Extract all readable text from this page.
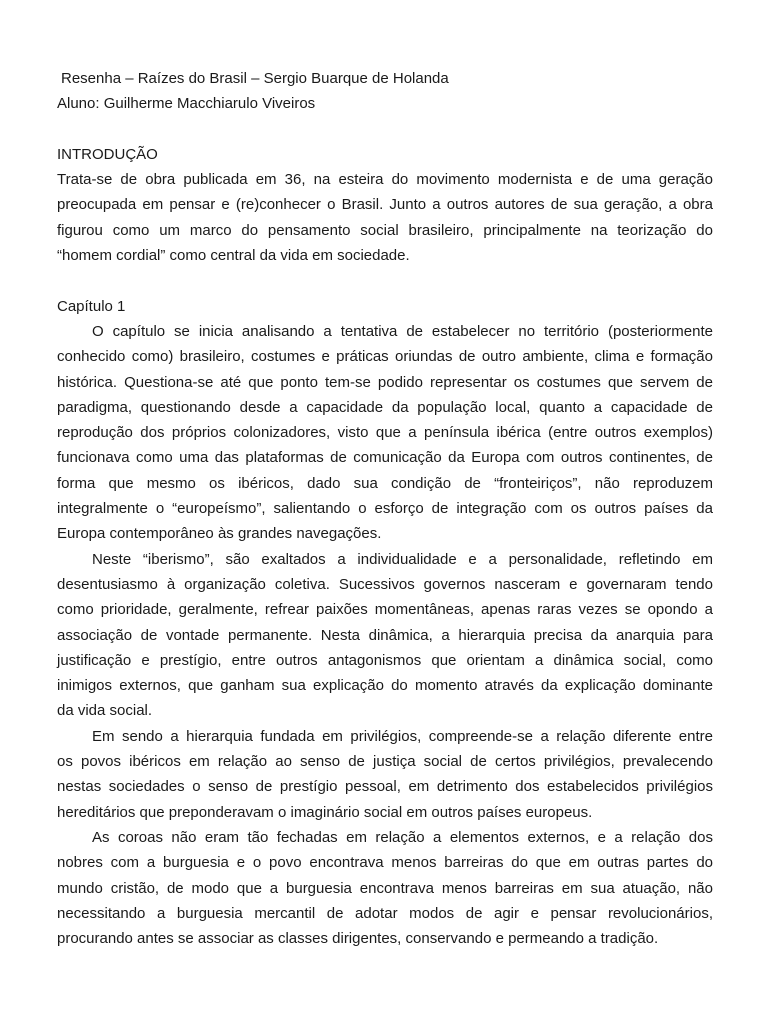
Resenha – Raízes do Brasil – Sergio Buarque de Holanda
Aluno: Guilherme Macchiarulo Viveiros
INTRODUÇÃO
Trata-se de obra publicada em 36, na esteira do movimento modernista e de uma geração
preocupada em pensar e (re)conhecer o Brasil. Junto a outros autores de sua geração, a obra
figurou como um marco do pensamento social brasileiro, principalmente na teorização do
“homem cordial” como central da vida em sociedade.
Capítulo 1
O capítulo se inicia analisando a tentativa de estabelecer no território (posteriormente
conhecido como) brasileiro, costumes e práticas oriundas de outro ambiente, clima e formação
histórica. Questiona-se até que ponto tem-se podido representar os costumes que servem de
paradigma, questionando desde a capacidade da população local, quanto a capacidade de
reprodução dos próprios colonizadores, visto que a península ibérica (entre outros exemplos)
funcionava como uma das plataformas de comunicação da Europa com outros continentes, de
forma que mesmo os ibéricos, dado sua condição de “fronteiriços”, não reproduzem
integralmente o “europeísmo”, salientando o esforço de integração com os outros países da
Europa contemporâneo às grandes navegações.
Neste “iberismo”, são exaltados a individualidade e a personalidade, refletindo em
desentusiasmo à organização coletiva. Sucessivos governos nasceram e governaram tendo
como prioridade, geralmente, refrear paixões momentâneas, apenas raras vezes se opondo a
associação de vontade permanente. Nesta dinâmica, a hierarquia precisa da anarquia para
justificação e prestígio, entre outros antagonismos que orientam a dinâmica social, como
inimigos externos, que ganham sua explicação do momento através da explicação dominante
da vida social.
Em sendo a hierarquia fundada em privilégios, compreende-se a relação diferente entre
os povos ibéricos em relação ao senso de justiça social de certos privilégios, prevalecendo
nestas sociedades o senso de prestígio pessoal, em detrimento dos estabelecidos privilégios
hereditários que preponderavam o imaginário social em outros países europeus.
As coroas não eram tão fechadas em relação a elementos externos, e a relação dos
nobres com a burguesia e o povo encontrava menos barreiras do que em outras partes do
mundo cristão, de modo que a burguesia encontrava menos barreiras em sua atuação, não
necessitando a burguesia mercantil de adotar modos de agir e pensar revolucionários,
procurando antes se associar as classes dirigentes, conservando e permeando a tradição.
